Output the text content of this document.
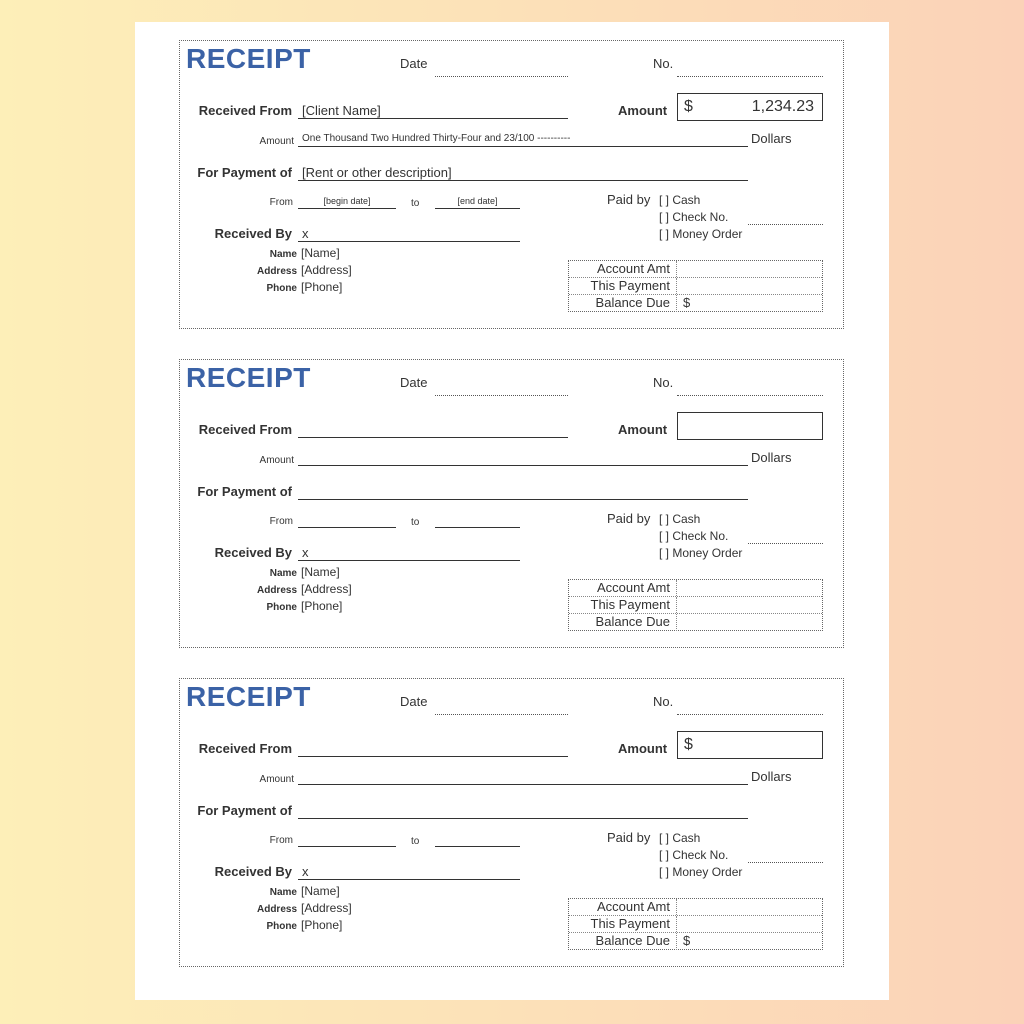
RECEIPT	Date	No.
Received From [Client Name]	Amount $	1,234.23
Amount One Thousand Two Hundred Thirty-Four and 23/100 ----------	Dollars
For Payment of [Rent or other description]
From	[begin date]	to	[end date]	Paid by [ ] Cash
[ ] Check No.
[ ] Money Order
Received By x
Name [Name]
Address [Address]
Phone [Phone]
Account Amt
This Payment
Balance Due	$
RECEIPT	Date	No.
Received From	Amount
Amount	Dollars
For Payment of
From	to	Paid by [ ] Cash
[ ] Check No.
[ ] Money Order
Received By x
Name [Name]
Address [Address]
Phone [Phone]
Account Amt
This Payment
Balance Due
RECEIPT	Date	No.
Received From	Amount $
Amount	Dollars
For Payment of
From	to	Paid by [ ] Cash
[ ] Check No.
[ ] Money Order
Received By x
Name [Name]
Address [Address]
Phone [Phone]
Account Amt
This Payment
Balance Due	$
